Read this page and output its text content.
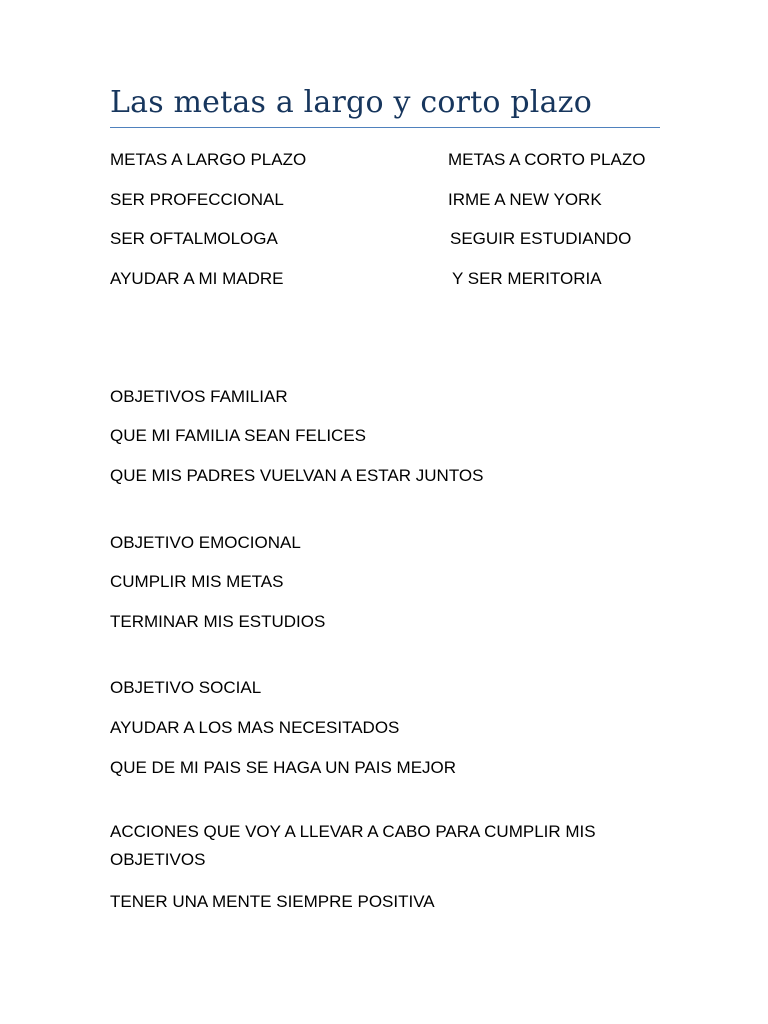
Las metas a largo y corto plazo
METAS A LARGO PLAZO	METAS A CORTO PLAZO
SER PROFECCIONAL	IRME A NEW YORK
SER OFTALMOLOGA	SEGUIR ESTUDIANDO
AYUDAR A MI MADRE	Y SER MERITORIA
OBJETIVOS FAMILIAR
QUE MI FAMILIA SEAN FELICES
QUE MIS PADRES VUELVAN A ESTAR JUNTOS
OBJETIVO EMOCIONAL
CUMPLIR MIS METAS
TERMINAR MIS ESTUDIOS
OBJETIVO SOCIAL
AYUDAR A LOS MAS NECESITADOS
QUE DE MI PAIS SE HAGA UN PAIS MEJOR
ACCIONES QUE VOY A LLEVAR A CABO PARA CUMPLIR MIS OBJETIVOS
TENER UNA MENTE SIEMPRE POSITIVA
